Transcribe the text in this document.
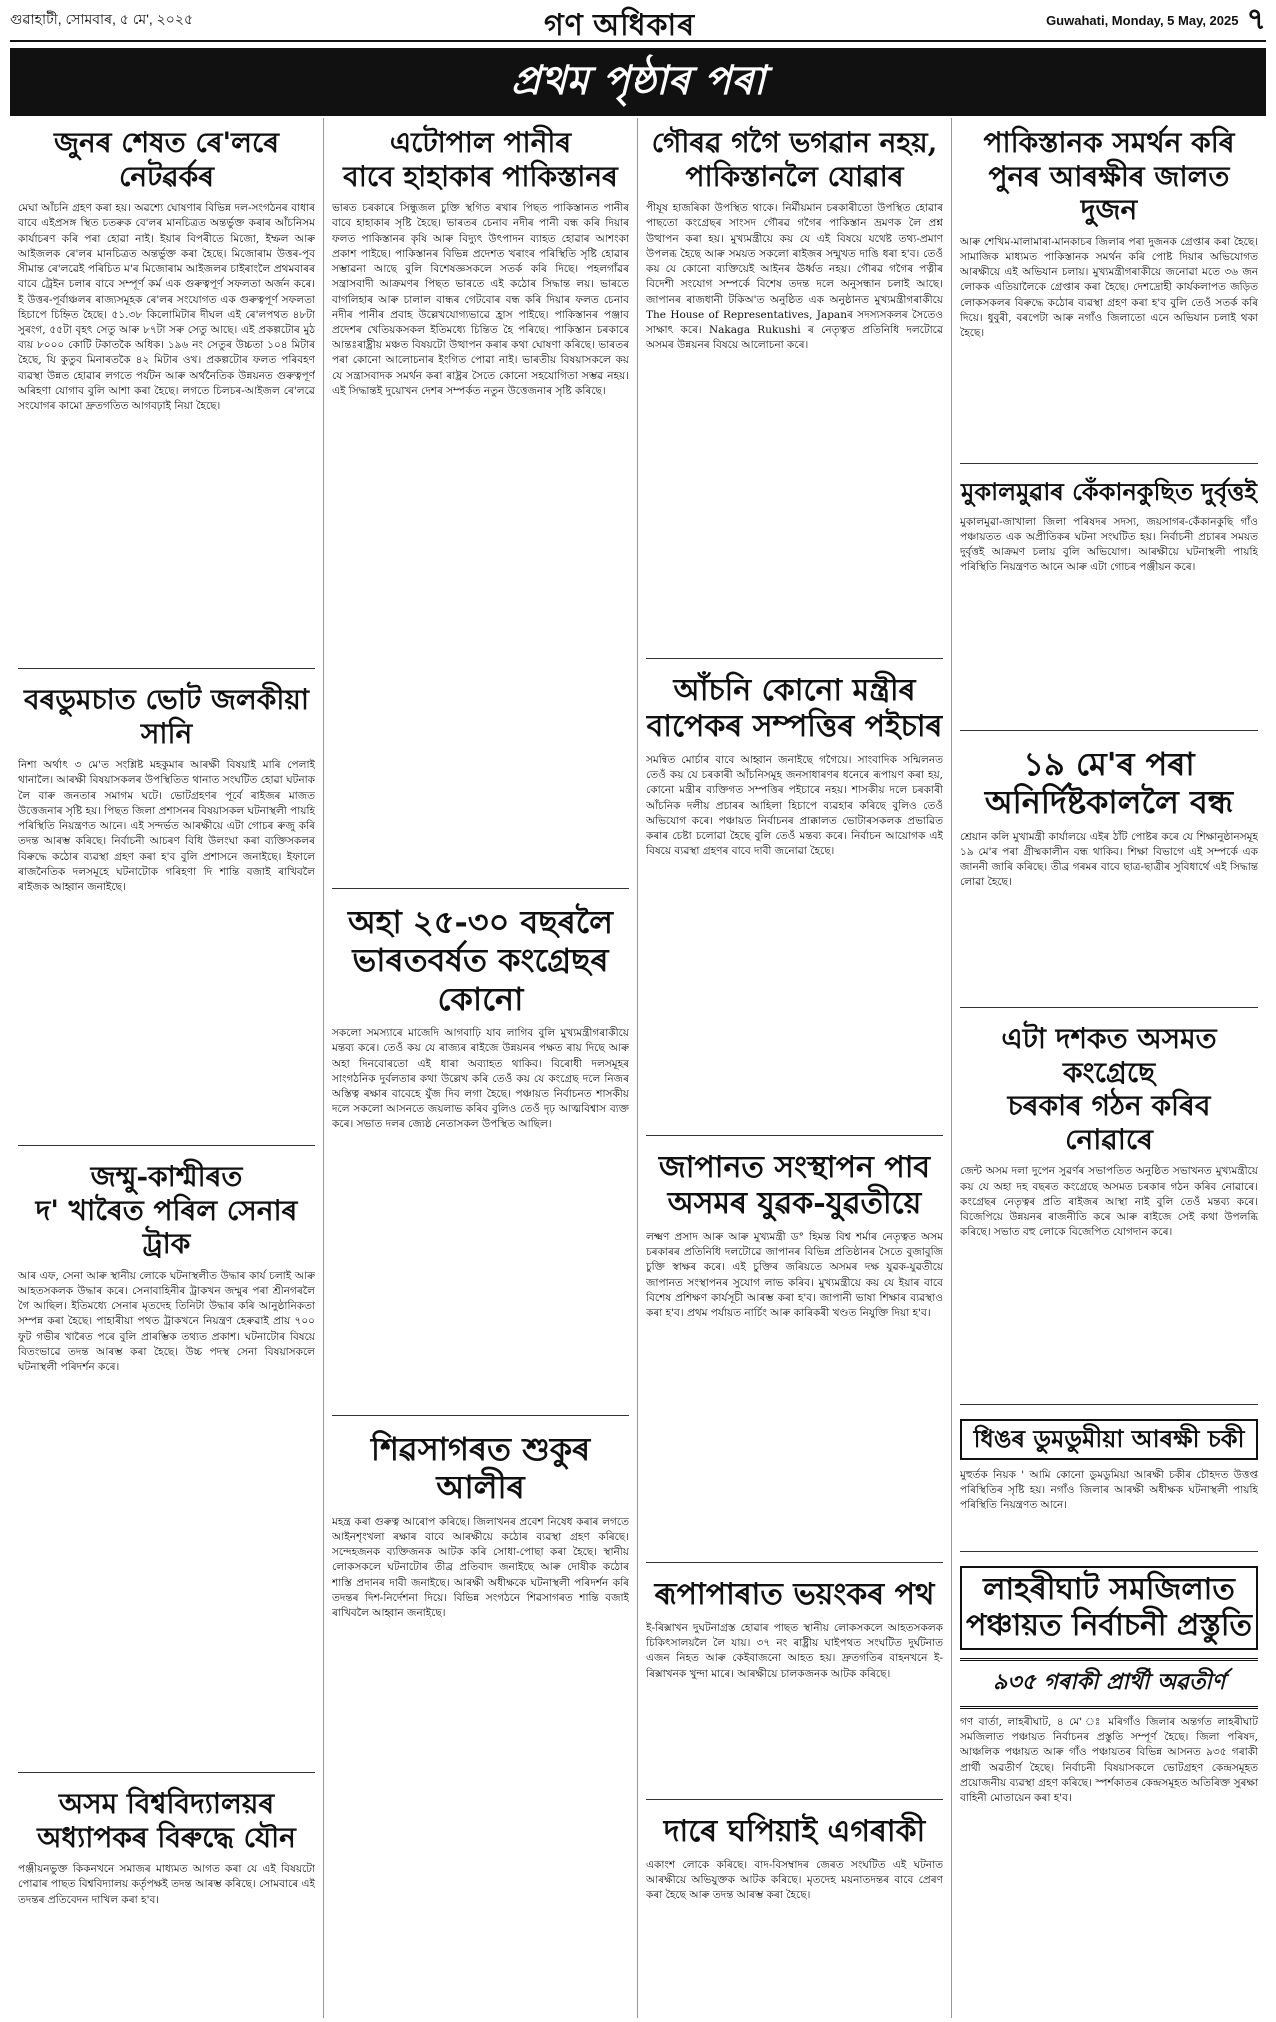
গুৱাহাটী, সোমবাৰ, ৫ মে', ২০২৫	গণ অধিকাৰ	Guwahati, Monday, 5 May, 2025 ৭
প্ৰথম পৃষ্ঠাৰ পৰা
জুনৰ শেষত ৰে'লৰে নেটৱৰ্কৰ

মেঘা আঁচনি গ্ৰহণ কৰা হয়। অৱশ্যে ঘোষণাৰ বিভিন্ন দল-সংগঠনৰ বাধাৰ বাবে এইপ্ৰসঙ্গ স্থিত চতৰুক বে'লৰ মানচিত্ৰত অন্তৰ্ভুক্ত কৰাৰ আঁচনিসম কাৰ্যাচৰণ কৰি পৰা হোৱা নাই। ইয়াৰ বিপৰীতে মিজো, ইম্ফল আৰু আইজলক ৰে'লৰ মানচিত্ৰত অন্তৰ্ভুক্ত কৰা হৈছে। মিজোৰাম উত্তৰ-পূব সীমান্ত ৰে'লৱেই পৰিচিত ম'ৰ মিজোৰাম আইজলৰ চাইৰাংলৈ প্ৰথমবাৰৰ বাবে ট্ৰেইন চলাৰ বাবে সম্পূৰ্ণ কৰ্ম এক গুৰুত্বপূৰ্ণ সফলতা অৰ্জন কৰে। ই উত্তৰ-পূৰ্বাঞ্চলৰ ৰাজ্যসমূহক ৰে'লৰ সংযোগত এক গুৰুত্বপূৰ্ণ সফলতা হিচাপে চিহ্নিত হৈছে। ৫১.৩৮ কিলোমিটাৰ দীঘল এই ৰে'লপথত ৪৮টা সুৰংগ, ৫৫টা বৃহৎ সেতু আৰু ৮৭টা সৰু সেতু আছে। এই প্ৰকল্পটোৰ মুঠ ব্যয় ৮০০০ কোটি টকাতকৈ অধিক। ১৯৬ নং সেতুৰ উচ্চতা ১০৪ মিটাৰ হৈছে, যি কুতুব মিনাৰতকৈ ৪২ মিটাৰ ওখ। প্ৰকল্পটোৰ ফলত পৰিবহণ ব্যৱস্থা উন্নত হোৱাৰ লগতে পৰ্যটন আৰু অৰ্থনৈতিক উন্নয়নত গুৰুত্বপূৰ্ণ অৰিহণা যোগাব বুলি আশা কৰা হৈছে। লগতে চিলচৰ-আইজল ৰে'লৱে সংযোগৰ কামো দ্ৰুতগতিত আগবঢ়াই নিয়া হৈছে।

বৰডুমচাত ভোট জলকীয়া সানি

নিশা অৰ্থাৎ ৩ মে'ত সংশ্লিষ্ট মহকুমাৰ আৰক্ষী বিষয়াই মাৰি পেলাই থানালৈ। আৰক্ষী বিষয়াসকলৰ উপস্থিতিত থানাত সংঘটিত হোৱা ঘটনাক লৈ বাৰু জনতাৰ সমাগম ঘটে। ভোটগ্ৰহণৰ পূৰ্বে ৰাইজৰ মাজত উত্তেজনাৰ সৃষ্টি হয়। পিছত জিলা প্ৰশাসনৰ বিষয়াসকল ঘটনাস্থলী পায়হি পৰিস্থিতি নিয়ন্ত্ৰণত আনে। এই সন্দৰ্ভত আৰক্ষীয়ে এটা গোচৰ ৰুজু কৰি তদন্ত আৰম্ভ কৰিছে। নিৰ্বাচনী আচৰণ বিধি উলংঘা কৰা ব্যক্তিসকলৰ বিৰুদ্ধে কঠোৰ ব্যৱস্থা গ্ৰহণ কৰা হ'ব বুলি প্ৰশাসনে জনাইছে। ইফালে ৰাজনৈতিক দলসমূহে ঘটনাটোক গৰিহণা দি শান্তি বজাই ৰাখিবলৈ ৰাইজক আহ্বান জনাইছে।

জম্মু-কাশ্মীৰত
দ' খাৰৈত পৰিল সেনাৰ ট্ৰাক

আৰ এফ, সেনা আৰু স্থানীয় লোকে ঘটনাস্থলীত উদ্ধাৰ কাৰ্য চলাই আৰু আহতসকলক উদ্ধাৰ কৰে। সেনাবাহিনীৰ ট্ৰাকখন জম্মুৰ পৰা শ্ৰীনগৰলৈ গৈ আছিল। ইতিমধ্যে সেনাৰ মৃতদেহ তিনিটা উদ্ধাৰ কৰি আনুষ্ঠানিকতা সম্পন্ন কৰা হৈছে। পাহাৰীয়া পথত ট্ৰাকখনে নিয়ন্ত্ৰণ হেৰুৱাই প্ৰায় ৭০০ ফুট গভীৰ খাৰৈত পৰে বুলি প্ৰাৰম্ভিক তথ্যত প্ৰকাশ। ঘটনাটোৰ বিষয়ে বিতংভাৱে তদন্ত আৰম্ভ কৰা হৈছে। উচ্চ পদস্থ সেনা বিষয়াসকলে ঘটনাস্থলী পৰিদৰ্শন কৰে।

অসম বিশ্ববিদ্যালয়ৰ
অধ্যাপকৰ বিৰুদ্ধে যৌন

পঞ্জীয়নভুক্ত কিকনখনে সমাজৰ মাধ্যমত আগত কৰা যে এই বিষয়টো পোৱাৰ পাছত বিশ্ববিদ্যালয় কৰ্তৃপক্ষই তদন্ত আৰম্ভ কৰিছে। সোমবাৰে এই তদন্তৰ প্ৰতিবেদন দাখিল কৰা হ'ব।

এটোপাল পানীৰ
বাবে হাহাকাৰ পাকিস্তানৰ

ভাৰত চৰকাৰে সিন্ধুজল চুক্তি স্থগিত ৰখাৰ পিছত পাকিস্তানত পানীৰ বাবে হাহাকাৰ সৃষ্টি হৈছে। ভাৰতৰ চেনাব নদীৰ পানী বন্ধ কৰি দিয়াৰ ফলত পাকিস্তানৰ কৃষি আৰু বিদ্যুৎ উৎপাদন ব্যাহত হোৱাৰ আশংকা প্ৰকাশ পাইছে। পাকিস্তানৰ বিভিন্ন প্ৰদেশত খৰাংৰ পৰিস্থিতি সৃষ্টি হোৱাৰ সম্ভাৱনা আছে বুলি বিশেষজ্ঞসকলে সতৰ্ক কৰি দিছে। পহলগাঁৱৰ সন্ত্ৰাসবাদী আক্ৰমণৰ পিছত ভাৰতে এই কঠোৰ সিদ্ধান্ত লয়। ভাৰতে বাগলিহাৰ আৰু চালাল বান্ধৰ গেটবোৰ বন্ধ কৰি দিয়াৰ ফলত চেনাব নদীৰ পানীৰ প্ৰবাহ উল্লেখযোগ্যভাৱে হ্ৰাস পাইছে। পাকিস্তানৰ পঞ্জাব প্ৰদেশৰ খেতিয়কসকল ইতিমধ্যে চিন্তিত হৈ পৰিছে। পাকিস্তান চৰকাৰে আন্তঃৰাষ্ট্ৰীয় মঞ্চত বিষয়টো উত্থাপন কৰাৰ কথা ঘোষণা কৰিছে। ভাৰতৰ পৰা কোনো আলোচনাৰ ইংগিত পোৱা নাই। ভাৰতীয় বিষয়াসকলে কয় যে সন্ত্ৰাসবাদক সমৰ্থন কৰা ৰাষ্ট্ৰৰ সৈতে কোনো সহযোগিতা সম্ভৱ নহয়। এই সিদ্ধান্তই দুয়োখন দেশৰ সম্পৰ্কত নতুন উত্তেজনাৰ সৃষ্টি কৰিছে।

অহা ২৫-৩০ বছৰলৈ
ভাৰতবৰ্ষত কংগ্ৰেছৰ কোনো

সকলো সমস্যাৰে মাজেদি আগবাঢ়ি যাব লাগিব বুলি মুখ্যমন্ত্ৰীগৰাকীয়ে মন্তব্য কৰে। তেওঁ কয় যে ৰাজ্যৰ ৰাইজে উন্নয়নৰ পক্ষত ৰায় দিছে আৰু অহা দিনবোৰতো এই ধাৰা অব্যাহত থাকিব। বিৰোধী দলসমূহৰ সাংগঠনিক দুৰ্বলতাৰ কথা উল্লেখ কৰি তেওঁ কয় যে কংগ্ৰেছ দলে নিজৰ অস্তিত্ব ৰক্ষাৰ বাবেহে যুঁজ দিব লগা হৈছে। পঞ্চায়ত নিৰ্বাচনত শাসকীয় দলে সকলো আসনতে জয়লাভ কৰিব বুলিও তেওঁ দৃঢ় আত্মবিশ্বাস ব্যক্ত কৰে। সভাত দলৰ জ্যেষ্ঠ নেতাসকল উপস্থিত আছিল।

শিৱসাগৰত শুকুৰ আলীৰ

মহন্ত্ৰ কৰা গুৰুত্ব আৰোপ কৰিছে। জিলাখনৰ প্ৰবেশ নিষেধ কৰাৰ লগতে আইনশৃংখলা ৰক্ষাৰ বাবে আৰক্ষীয়ে কঠোৰ ব্যৱস্থা গ্ৰহণ কৰিছে। সন্দেহজনক ব্যক্তিজনক আটক কৰি সোধা-পোছা কৰা হৈছে। স্থানীয় লোকসকলে ঘটনাটোৰ তীব্ৰ প্ৰতিবাদ জনাইছে আৰু দোষীক কঠোৰ শাস্তি প্ৰদানৰ দাবী জনাইছে। আৰক্ষী অধীক্ষকে ঘটনাস্থলী পৰিদৰ্শন কৰি তদন্তৰ দিশ-নিৰ্দেশনা দিয়ে। বিভিন্ন সংগঠনে শিৱসাগৰত শান্তি বজাই ৰাখিবলৈ আহ্বান জনাইছে।

গৌৰৱ গগৈ ভগৱান নহয়,
পাকিস্তানলৈ যোৱাৰ

পীযূষ হাজৰিকা উপস্থিত থাকে। নিৰ্মীয়মান চৰকাৰীতো উপস্থিত হোৱাৰ পাছতো কংগ্ৰেছৰ সাংসদ গৌৰৱ গগৈৰ পাকিস্তান ভ্ৰমণক লৈ প্ৰশ্ন উত্থাপন কৰা হয়। মুখ্যমন্ত্ৰীয়ে কয় যে এই বিষয়ে যথেষ্ট তথ্য-প্ৰমাণ উপলব্ধ হৈছে আৰু সময়ত সকলো ৰাইজৰ সন্মুখত দাঙি ধৰা হ'ব। তেওঁ কয় যে কোনো ব্যক্তিয়েই আইনৰ ঊৰ্ধ্বত নহয়। গৌৰৱ গগৈৰ পত্নীৰ বিদেশী সংযোগ সম্পৰ্কে বিশেষ তদন্ত দলে অনুসন্ধান চলাই আছে। জাপানৰ ৰাজধানী টকিঅ'ত অনুষ্ঠিত এক অনুষ্ঠানত মুখ্যমন্ত্ৰীগৰাকীয়ে The House of Representatives, Japanৰ সদস্যসকলৰ সৈতেও সাক্ষাৎ কৰে। Nakaga Rukushi ৰ নেতৃত্বত প্ৰতিনিধি দলটোৱে অসমৰ উন্নয়নৰ বিষয়ে আলোচনা কৰে।

আঁচনি কোনো মন্ত্ৰীৰ
বাপেকৰ সম্পত্তিৰ পইচাৰ

সমন্বিত মোৰ্চাৰ বাবে আহ্বান জনাইছে গগৈয়ে। সাংবাদিক সন্মিলনত তেওঁ কয় যে চৰকাৰী আঁচনিসমূহ জনসাধাৰণৰ ধনেৰে ৰূপায়ণ কৰা হয়, কোনো মন্ত্ৰীৰ ব্যক্তিগত সম্পত্তিৰ পইচাৰে নহয়। শাসকীয় দলে চৰকাৰী আঁচনিক দলীয় প্ৰচাৰৰ আহিলা হিচাপে ব্যৱহাৰ কৰিছে বুলিও তেওঁ অভিযোগ কৰে। পঞ্চায়ত নিৰ্বাচনৰ প্ৰাক্কালত ভোটাৰসকলক প্ৰভাৱিত কৰাৰ চেষ্টা চলোৱা হৈছে বুলি তেওঁ মন্তব্য কৰে। নিৰ্বাচন আয়োগক এই বিষয়ে ব্যৱস্থা গ্ৰহণৰ বাবে দাবী জনোৱা হৈছে।

জাপানত সংস্থাপন পাব
অসমৰ যুৱক-যুৱতীয়ে

লক্ষ্মণ প্ৰসাদ আৰু আৰু মুখ্যমন্ত্ৰী ড° হিমন্ত বিশ্ব শৰ্মাৰ নেতৃত্বত অসম চৰকাৰৰ প্ৰতিনিধি দলটোৱে জাপানৰ বিভিন্ন প্ৰতিষ্ঠানৰ সৈতে বুজাবুজি চুক্তি স্বাক্ষৰ কৰে। এই চুক্তিৰ জৰিয়তে অসমৰ দক্ষ যুৱক-যুৱতীয়ে জাপানত সংস্থাপনৰ সুযোগ লাভ কৰিব। মুখ্যমন্ত্ৰীয়ে কয় যে ইয়াৰ বাবে বিশেষ প্ৰশিক্ষণ কাৰ্যসূচী আৰম্ভ কৰা হ'ব। জাপানী ভাষা শিক্ষাৰ ব্যৱস্থাও কৰা হ'ব। প্ৰথম পৰ্যায়ত নাৰ্চিং আৰু কাৰিকৰী খণ্ডত নিযুক্তি দিয়া হ'ব।

ৰূপাপাৰাত ভয়ংকৰ পথ

ই-ৰিক্সাখন দুঘটনাগ্ৰস্ত হোৱাৰ পাছত স্থানীয় লোকসকলে আহতসকলক চিকিৎসালয়লৈ লৈ যায়। ৩৭ নং ৰাষ্ট্ৰীয় ঘাইপথত সংঘটিত দুৰ্ঘটনাত এজন নিহত আৰু কেইবাজনো আহত হয়। দ্ৰুতগতিৰ বাহনখনে ই-ৰিক্সাখনক খুন্দা মাৰে। আৰক্ষীয়ে চালকজনক আটক কৰিছে।

দাৰে ঘপিয়াই এগৰাকী

একাংশ লোকে কৰিছে। বাদ-বিসম্বাদৰ জেৰত সংঘটিত এই ঘটনাত আৰক্ষীয়ে অভিযুক্তক আটক কৰিছে। মৃতদেহ ময়নাতদন্তৰ বাবে প্ৰেৰণ কৰা হৈছে আৰু তদন্ত আৰম্ভ কৰা হৈছে।

পাকিস্তানক সমৰ্থন কৰি
পুনৰ আৰক্ষীৰ জালত দুজন

আৰু শেখিম-মালামাৰা-মানকাচৰ জিলাৰ পৰা দুজনক গ্ৰেপ্তাৰ কৰা হৈছে। সামাজিক মাধ্যমত পাকিস্তানক সমৰ্থন কৰি পোষ্ট দিয়াৰ অভিযোগত আৰক্ষীয়ে এই অভিযান চলায়। মুখ্যমন্ত্ৰীগৰাকীয়ে জনোৱা মতে ৩৬ জন লোকক এতিয়ালৈকে গ্ৰেপ্তাৰ কৰা হৈছে। দেশদ্ৰোহী কাৰ্যকলাপত জড়িত লোকসকলৰ বিৰুদ্ধে কঠোৰ ব্যৱস্থা গ্ৰহণ কৰা হ'ব বুলি তেওঁ সতৰ্ক কৰি দিয়ে। ধুবুৰী, বৰপেটা আৰু নগাঁও জিলাতো এনে অভিযান চলাই থকা হৈছে।

মুকালমুৱাৰ কেঁকানকুছিত দুৰ্বৃত্তই

মুকালমুৱা-জাখালা জিলা পৰিষদৰ সদস্য, জয়সাগৰ-কেঁকানকুছি গাঁও পঞ্চায়তত এক অপ্ৰীতিকৰ ঘটনা সংঘটিত হয়। নিৰ্বাচনী প্ৰচাৰৰ সময়ত দুৰ্বৃত্তই আক্ৰমণ চলায় বুলি অভিযোগ। আৰক্ষীয়ে ঘটনাস্থলী পায়হি পৰিস্থিতি নিয়ন্ত্ৰণত আনে আৰু এটা গোচৰ পঞ্জীয়ন কৰে।

১৯ মে'ৰ পৰা
অনিৰ্দিষ্টকাললৈ বন্ধ

শ্ৰেয়ান কলি মুখামন্ত্ৰী কাৰ্যালয়ে এইৰ ঠাঁট পোষ্টৰ কৰে যে শিক্ষানুষ্ঠানসমূহ ১৯ মে'ৰ পৰা গ্ৰীষ্মকালীন বন্ধ থাকিব। শিক্ষা বিভাগে এই সম্পৰ্কে এক জাননী জাৰি কৰিছে। তীব্ৰ গৰমৰ বাবে ছাত্ৰ-ছাত্ৰীৰ সুবিধাৰ্থে এই সিদ্ধান্ত লোৱা হৈছে।

এটা দশকত অসমত কংগ্ৰেছে
চৰকাৰ গঠন কৰিব নোৱাৰে

জেন্ট অসম দলা দুপেন সুৱৰ্ণৰ সভাপতিত অনুষ্ঠিত সভাখনত মুখ্যমন্ত্ৰীয়ে কয় যে অহা দহ বছৰত কংগ্ৰেছে অসমত চৰকাৰ গঠন কৰিব নোৱাৰে। কংগ্ৰেছৰ নেতৃত্বৰ প্ৰতি ৰাইজৰ আস্থা নাই বুলি তেওঁ মন্তব্য কৰে। বিজেপিয়ে উন্নয়নৰ ৰাজনীতি কৰে আৰু ৰাইজে সেই কথা উপলব্ধি কৰিছে। সভাত বহু লোকে বিজেপিত যোগদান কৰে।

ধিঙৰ ডুমডুমীয়া আৰক্ষী চকী

মুহুৰ্তক নিয়ক ' আমি কোনো ডুমডুমিয়া আৰক্ষী চকীৰ চৌহদত উত্তপ্ত পৰিস্থিতিৰ সৃষ্টি হয়। নগাঁও জিলাৰ আৰক্ষী অধীক্ষক ঘটনাস্থলী পায়হি পৰিস্থিতি নিয়ন্ত্ৰণত আনে।

লাহৰীঘাট সমজিলাত
পঞ্চায়ত নিৰ্বাচনী প্ৰস্তুতি
৯৩৫ গৰাকী প্ৰাৰ্থী অৱতীৰ্ণ

গণ বাৰ্তা, লাহৰীঘাট, ৪ মে' ঃ মৰিগাঁও জিলাৰ অন্তৰ্গত লাহৰীঘাট সমজিলাত পঞ্চায়ত নিৰ্বাচনৰ প্ৰস্তুতি সম্পূৰ্ণ হৈছে। জিলা পৰিষদ, আঞ্চলিক পঞ্চায়ত আৰু গাঁও পঞ্চায়তৰ বিভিন্ন আসনত ৯৩৫ গৰাকী প্ৰাৰ্থী অৱতীৰ্ণ হৈছে। নিৰ্বাচনী বিষয়াসকলে ভোটগ্ৰহণ কেন্দ্ৰসমূহত প্ৰয়োজনীয় ব্যৱস্থা গ্ৰহণ কৰিছে। স্পৰ্শকাতৰ কেন্দ্ৰসমূহত অতিৰিক্ত সুৰক্ষা বাহিনী মোতায়েন কৰা হ'ব।
